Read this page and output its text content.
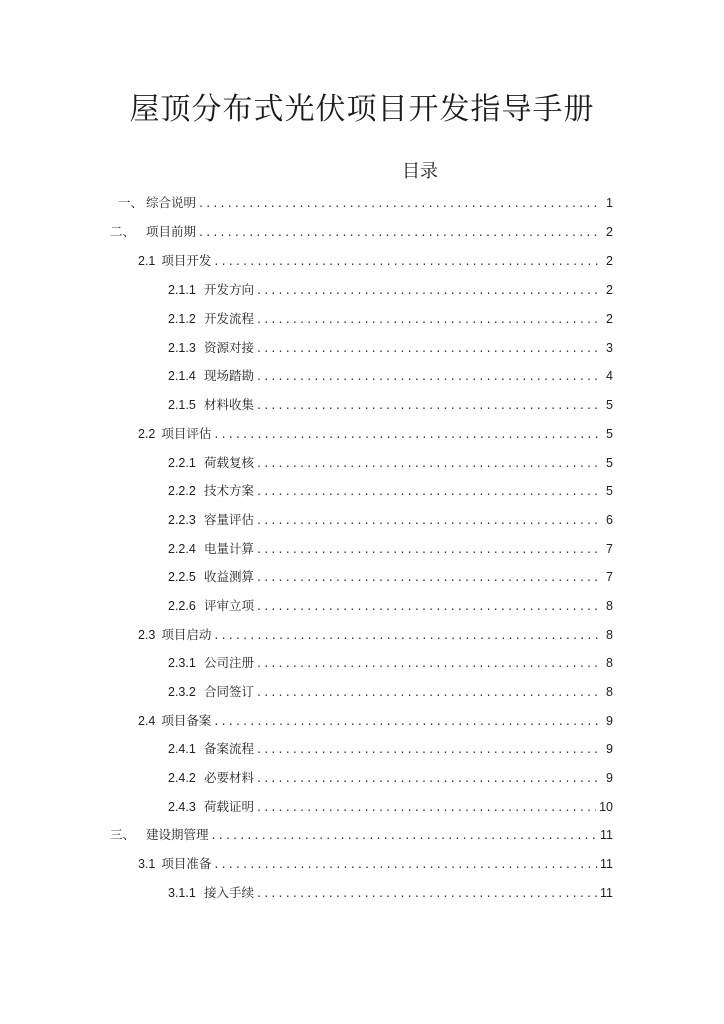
屋顶分布式光伏项目开发指导手册
目录
一、 综合说明 .....	1
二、 项目前期 .....	2
2.1 项目开发 .....	2
2.1.1 开发方向 .....	2
2.1.2 开发流程 .....	2
2.1.3 资源对接 .....	3
2.1.4 现场踏勘 .....	4
2.1.5 材料收集 .....	5
2.2 项目评估 .....	5
2.2.1 荷载复核 .....	5
2.2.2 技术方案 .....	5
2.2.3 容量评估 .....	6
2.2.4 电量计算 .....	7
2.2.5 收益测算 .....	7
2.2.6 评审立项 .....	8
2.3 项目启动 .....	8
2.3.1 公司注册 .....	8
2.3.2 合同签订 .....	8
2.4 项目备案 .....	9
2.4.1 备案流程 .....	9
2.4.2 必要材料 .....	9
2.4.3 荷载证明 .....	10
三、 建设期管理 .....	11
3.1 项目准备 .....	11
3.1.1 接入手续 .....	11
